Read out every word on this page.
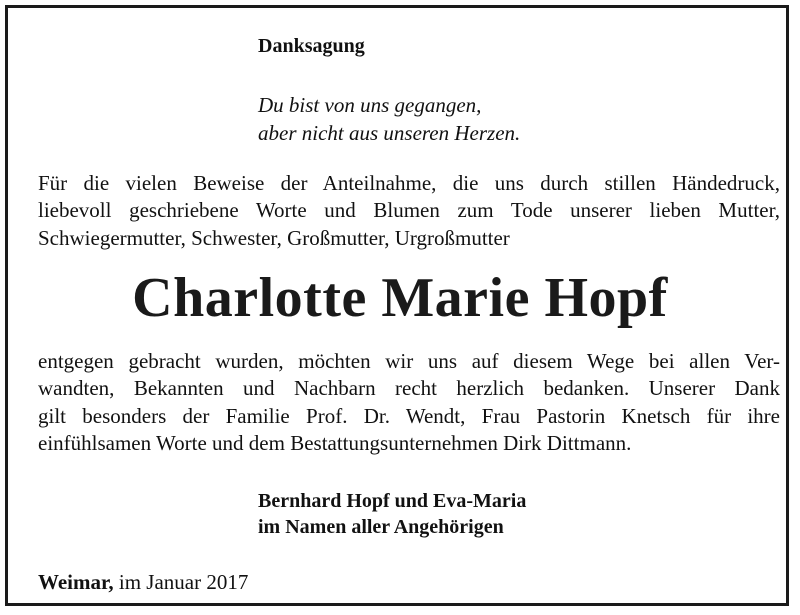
Danksagung
Du bist von uns gegangen,
aber nicht aus unseren Herzen.

Für die vielen Beweise der Anteilnahme, die uns durch stillen Händedruck,
liebevoll geschriebene Worte und Blumen zum Tode unserer lieben Mutter,
Schwiegermutter, Schwester, Großmutter, Urgroßmutter

Charlotte Marie Hopf

entgegen gebracht wurden, möchten wir uns auf diesem Wege bei allen Ver-
wandten, Bekannten und Nachbarn recht herzlich bedanken. Unserer Dank
gilt besonders der Familie Prof. Dr. Wendt, Frau Pastorin Knetsch für ihre
einfühlsamen Worte und dem Bestattungsunternehmen Dirk Dittmann.

Bernhard Hopf und Eva-Maria
im Namen aller Angehörigen
Weimar, im Januar 2017
